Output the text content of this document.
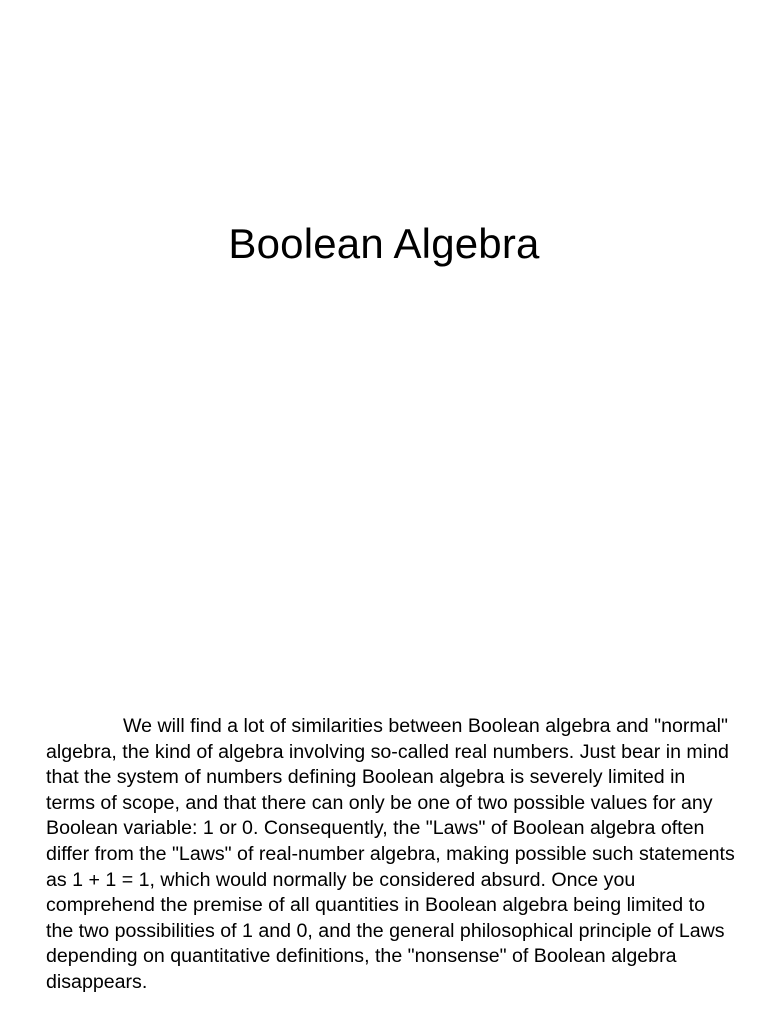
Boolean Algebra

We will find a lot of similarities between Boolean algebra and "normal" algebra, the kind of algebra involving so-called real numbers. Just bear in mind that the system of numbers defining Boolean algebra is severely limited in terms of scope, and that there can only be one of two possible values for any Boolean variable: 1 or 0. Consequently, the "Laws" of Boolean algebra often differ from the "Laws" of real-number algebra, making possible such statements as 1 + 1 = 1, which would normally be considered absurd. Once you comprehend the premise of all quantities in Boolean algebra being limited to the two possibilities of 1 and 0, and the general philosophical principle of Laws depending on quantitative definitions, the "nonsense" of Boolean algebra disappears.
